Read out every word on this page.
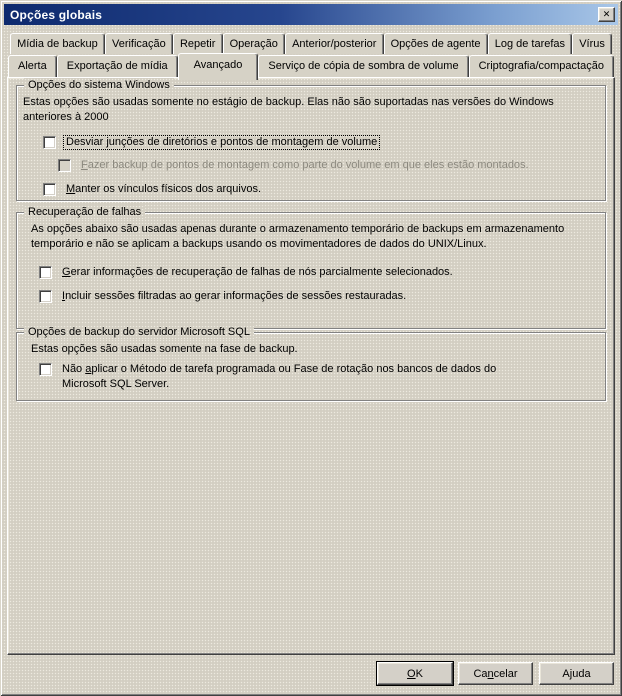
Opções globais	✕
Mídia de backup	Verificação	Repetir	Operação	Anterior/posterior	Opções de agente	Log de tarefas	Vírus
Alerta	Exportação de mídia	Avançado	Serviço de cópia de sombra de volume	Criptografia/compactação
Opções do sistema Windows
Estas opções são usadas somente no estágio de backup. Elas não são suportadas nas versões do Windows anteriores à 2000
Desviar junções de diretórios e pontos de montagem de volume
Fazer backup de pontos de montagem como parte do volume em que eles estão montados.
Manter os vínculos físicos dos arquivos.
Recuperação de falhas
As opções abaixo são usadas apenas durante o armazenamento temporário de backups em armazenamento temporário e não se aplicam a backups usando os movimentadores de dados do UNIX/Linux.
Gerar informações de recuperação de falhas de nós parcialmente selecionados.
Incluir sessões filtradas ao gerar informações de sessões restauradas.
Opções de backup do servidor Microsoft SQL
Estas opções são usadas somente na fase de backup.
Não aplicar o Método de tarefa programada ou Fase de rotação nos bancos de dados do Microsoft SQL Server.
OK	Cancelar	Ajuda
